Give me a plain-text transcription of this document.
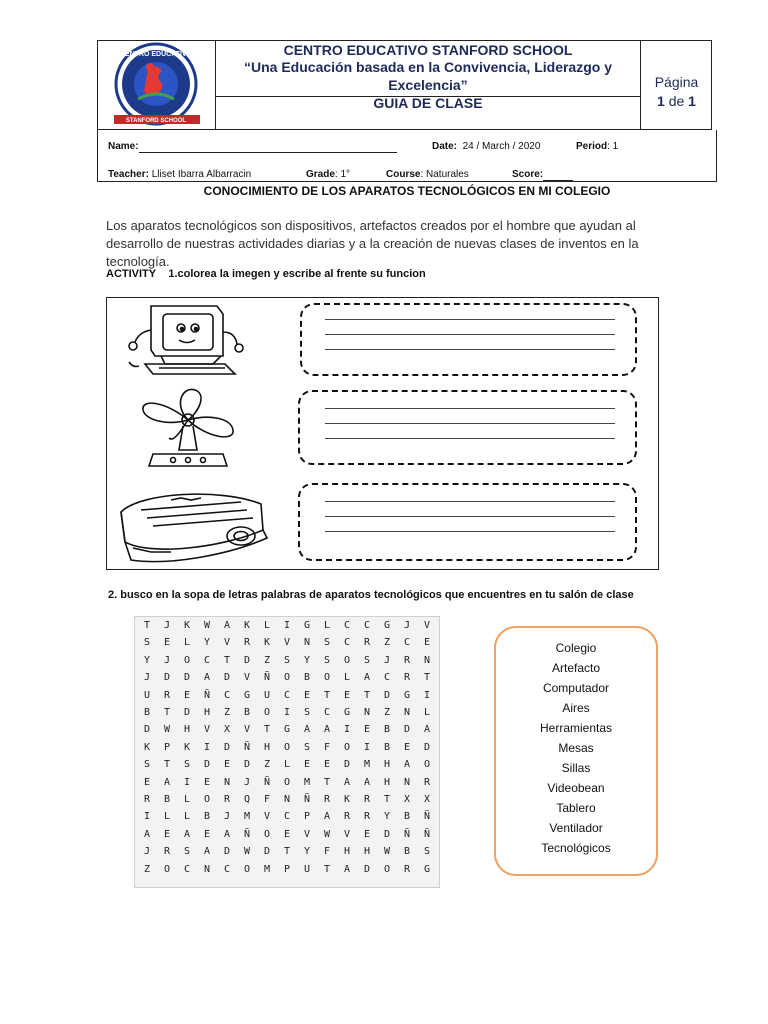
CENTRO EDUCATIVO
STANFORD SCHOOL
CENTRO EDUCATIVO STANFORD SCHOOL
“Una Educación basada en la Convivencia, Liderazgo y Excelencia”
GUIA DE CLASE
Página
1 de 1
Name:	Date: 24 / March / 2020	Period: 1
Teacher: Lliset Ibarra Albarracin	Grade: 1°	Course: Naturales	Score:
CONOCIMIENTO DE LOS APARATOS TECNOLÓGICOS EN MI COLEGIO
Los aparatos tecnológicos son dispositivos, artefactos creados por el hombre que ayudan al desarrollo de nuestras actividades diarias y a la creación de nuevas clases de inventos en la tecnología.
ACTIVITY 1.colorea la imegen y escribe al frente su funcion
2. busco en la sopa de letras palabras de aparatos tecnológicos que encuentres en tu salón de clase
T	J	K	W	A	K	L	I	G	L	C	C	G	J	V
S	E	L	Y	V	R	K	V	N	S	C	R	Z	C	E
Y	J	O	C	T	D	Z	S	Y	S	O	S	J	R	N
J	D	D	A	D	V	Ñ	O	B	O	L	A	C	R	T
U	R	E	Ñ	C	G	U	C	E	T	E	T	D	G	I
B	T	D	H	Z	B	O	I	S	C	G	N	Z	N	L
D	W	H	V	X	V	T	G	A	A	I	E	B	D	A
K	P	K	I	D	Ñ	H	O	S	F	O	I	B	E	D
S	T	S	D	E	D	Z	L	E	E	D	M	H	A	O
E	A	I	E	N	J	Ñ	O	M	T	A	A	H	N	R
R	B	L	O	R	Q	F	N	Ñ	R	K	R	T	X	X
I	L	L	B	J	M	V	C	P	A	R	R	Y	B	Ñ
A	E	A	E	A	Ñ	O	E	V	W	V	E	D	Ñ	Ñ
J	R	S	A	D	W	D	T	Y	F	H	H	W	B	S
Z	O	C	N	C	O	M	P	U	T	A	D	O	R	G
Colegio
Artefacto
Computador
Aires
Herramientas
Mesas
Sillas
Videobean
Tablero
Ventilador
Tecnológicos
